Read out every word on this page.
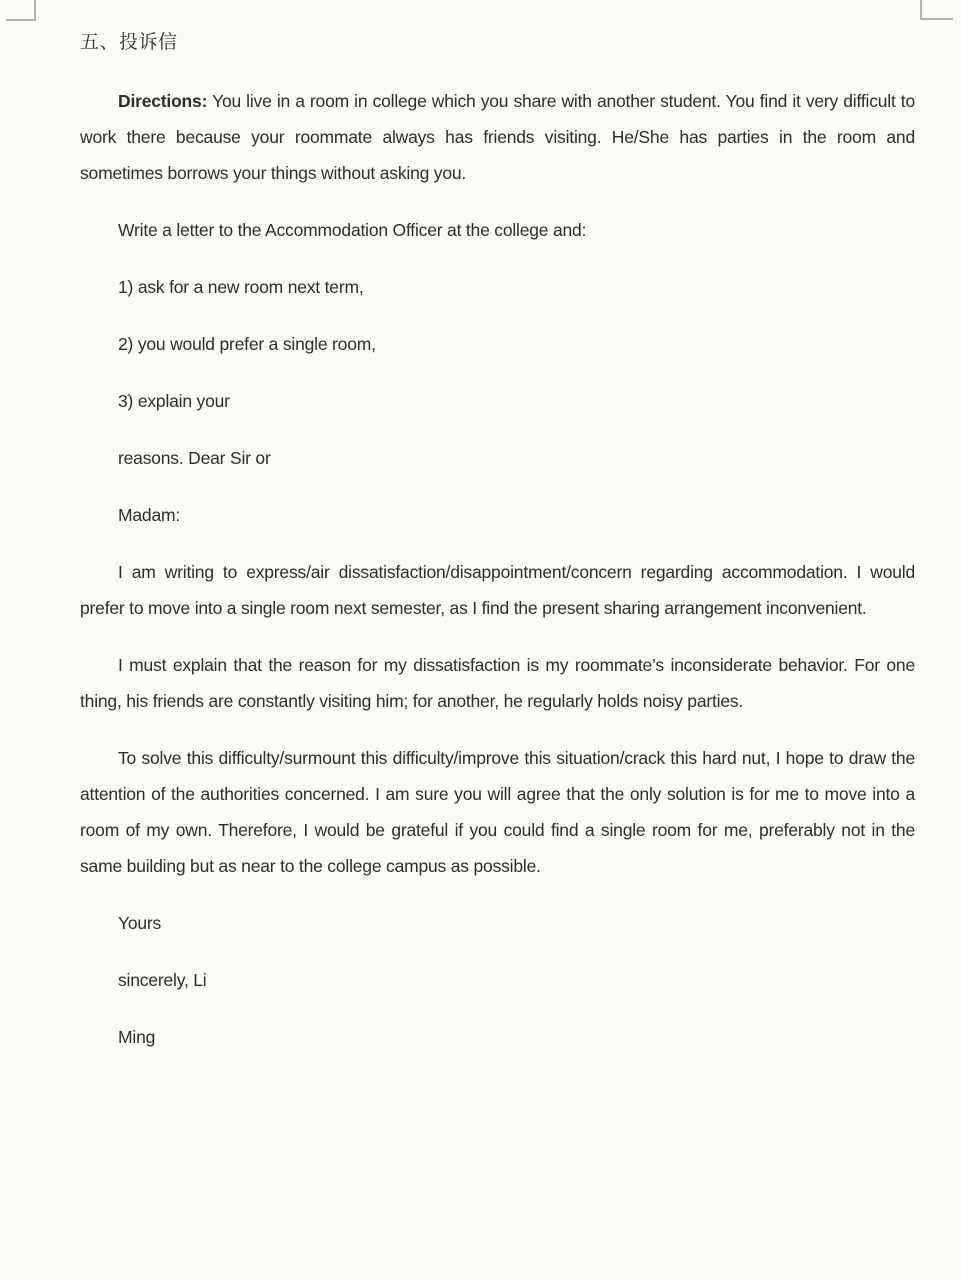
五、投诉信

Directions: You live in a room in college which you share with another student. You find it very difficult to work there because your roommate always has friends visiting. He/She has parties in the room and sometimes borrows your things without asking you.

Write a letter to the Accommodation Officer at the college and:

1) ask for a new room next term,

2) you would prefer a single room,

3) explain your

reasons. Dear Sir or

Madam:

I am writing to express/air dissatisfaction/disappointment/concern regarding accommodation. I would prefer to move into a single room next semester, as I find the present sharing arrangement inconvenient.

I must explain that the reason for my dissatisfaction is my roommate’s inconsiderate behavior. For one thing, his friends are constantly visiting him; for another, he regularly holds noisy parties.

To solve this difficulty/surmount this difficulty/improve this situation/crack this hard nut, I hope to draw the attention of the authorities concerned. I am sure you will agree that the only solution is for me to move into a room of my own. Therefore, I would be grateful if you could find a single room for me, preferably not in the same building but as near to the college campus as possible.

Yours

sincerely, Li

Ming
